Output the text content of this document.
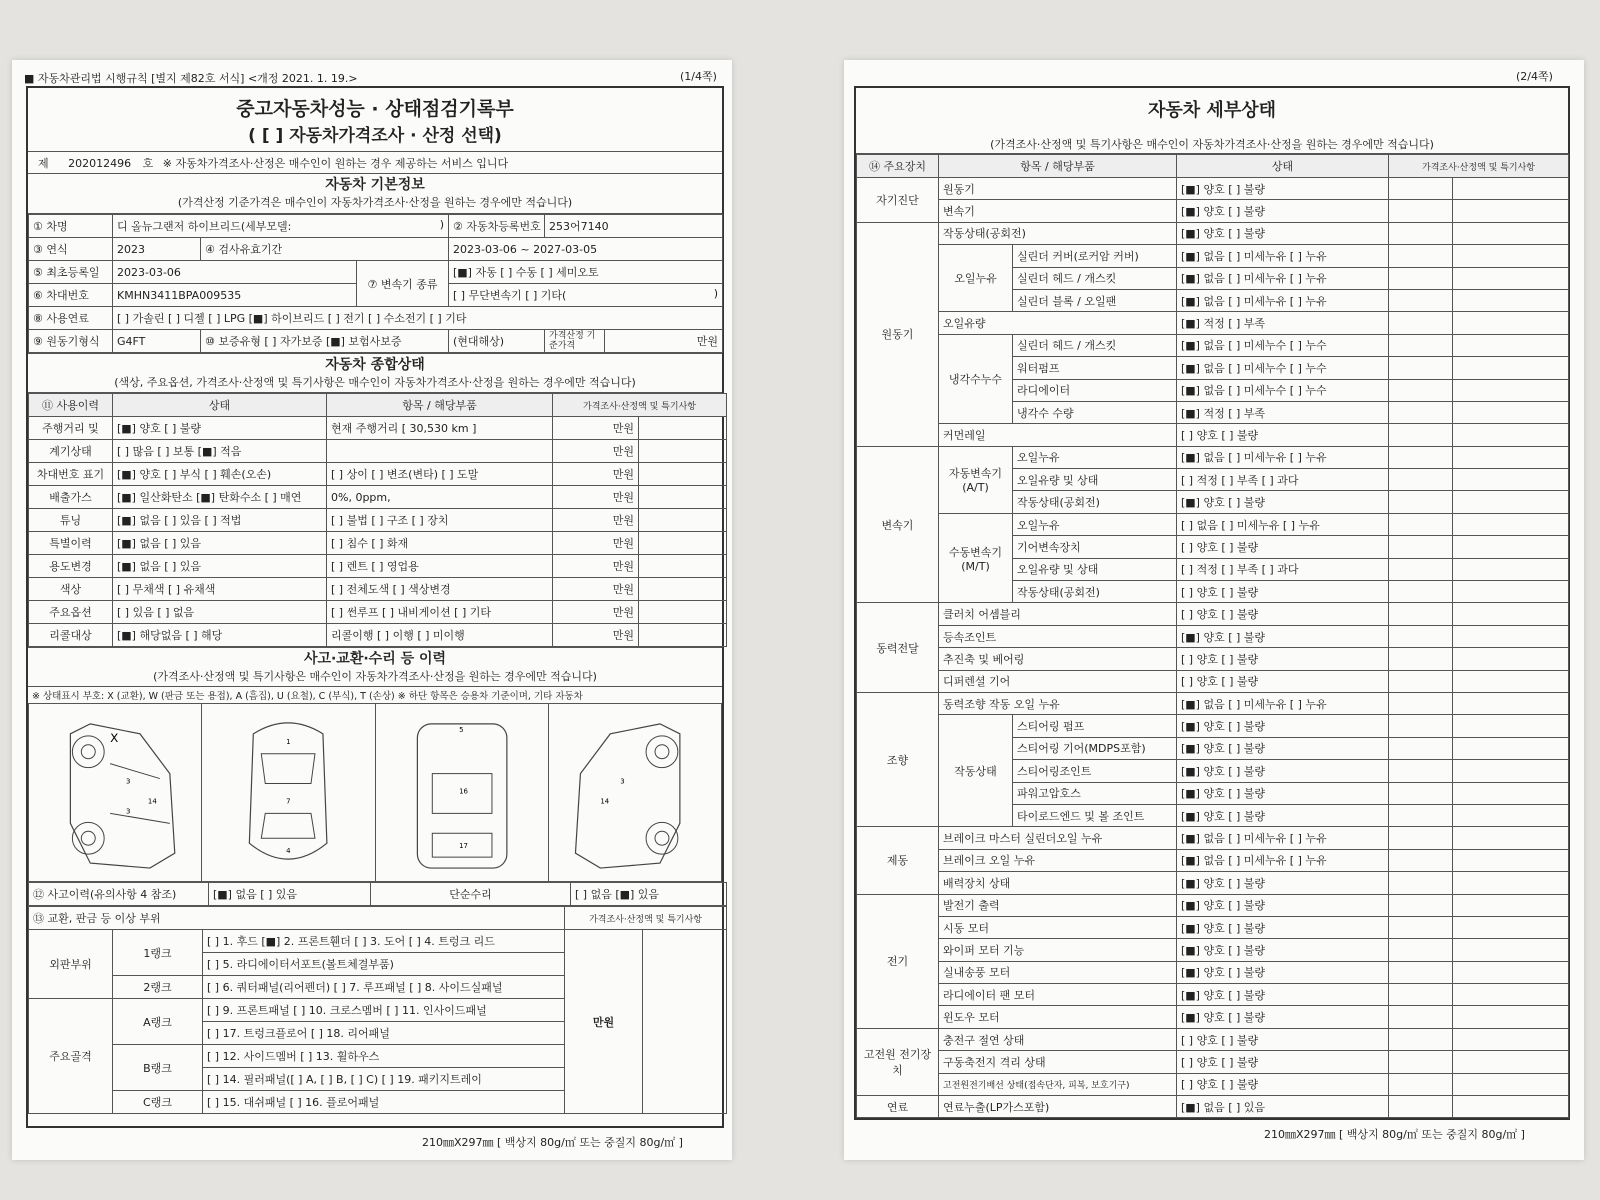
■ 자동차관리법 시행규칙 [별지 제82호 서식] <개정 2021. 1. 19.>	(1/4쪽)
중고자동차성능 · 상태점검기록부
( [ ] 자동차가격조사 · 산정 선택)
제 202012496 호 ※ 자동차가격조사·산정은 매수인이 원하는 경우 제공하는 서비스 입니다
자동차 기본정보
(가격산정 기준가격은 매수인이 자동차가격조사·산정을 원하는 경우에만 적습니다)
① 차명	디 올뉴그랜저 하이브리드(세부모델: )			② 자동차등록번호	253어7140	
③ 연식	2023	④ 검사유효기간		2023-03-06 ~ 2027-03-05		
⑤ 최초등록일	2023-03-06		⑦ 변속기 종류	[■] 자동 [ ] 수동 [ ] 세미오토		
⑥ 차대번호	KMHN3411BPA009535			[ ] 무단변속기 [ ] 기타( )		

⑧ 사용연료	[ ] 가솔린 [ ] 디젤 [ ] LPG [■] 하이브리드 [ ] 전기 [ ] 수소전기 [ ] 기타					
⑨ 원동기형식	G4FT	⑩ 보증유형 [ ] 자가보증 [■] 보험사보증		(현대해상)	가격산정 기준가격	만원
자동차 종합상태
(색상, 주요옵션, 가격조사·산정액 및 특기사항은 매수인이 자동차가격조사·산정을 원하는 경우에만 적습니다)
⑪ 사용이력	상태	항목 / 해당부품	가격조사·산정액 및 특기사항	
주행거리 및	[■] 양호 [ ] 불량	현재 주행거리 [ 30,530 km ]	만원	
계기상태	[ ] 많음 [ ] 보통 [■] 적음		만원	
차대번호 표기	[■] 양호 [ ] 부식 [ ] 훼손(오손)	[ ] 상이 [ ] 변조(변타) [ ] 도말	만원	
배출가스	[■] 일산화탄소 [■] 탄화수소 [ ] 매연	0%, 0ppm,	만원	
튜닝	[■] 없음 [ ] 있음 [ ] 적법	[ ] 불법 [ ] 구조 [ ] 장치	만원	
특별이력	[■] 없음 [ ] 있음	[ ] 침수 [ ] 화재	만원	
용도변경	[■] 없음 [ ] 있음	[ ] 렌트 [ ] 영업용	만원	
색상	[ ] 무채색 [ ] 유채색	[ ] 전체도색 [ ] 색상변경	만원	
주요옵션	[ ] 있음 [ ] 없음	[ ] 썬루프 [ ] 내비게이션 [ ] 기타	만원	
리콜대상	[■] 해당없음 [ ] 해당	리콜이행 [ ] 이행 [ ] 미이행	만원	
사고·교환·수리 등 이력
(가격조사·산정액 및 특기사항은 매수인이 자동차가격조사·산정을 원하는 경우에만 적습니다)
※ 상태표시 부호: X (교환), W (판금 또는 용접), A (흠집), U (요철), C (부식), T (손상) ※ 하단 항목은 승용차 기준이며, 기타 자동차
X
3
3
14
1
7
4
16
17
5
3
14
⑫ 사고이력(유의사항 4 참조)	[■] 없음 [ ] 있음	단순수리	[ ] 없음 [■] 있음
⑬ 교환, 판금 등 이상 부위			가격조사·산정액 및 특기사항	
외판부위	1랭크	[ ] 1. 후드 [■] 2. 프론트휀더 [ ] 3. 도어 [ ] 4. 트렁크 리드	만원	
		[ ] 5. 라디에이터서포트(볼트체결부품)		
	2랭크	[ ] 6. 쿼터패널(리어펜더) [ ] 7. 루프패널 [ ] 8. 사이드실패널		
주요골격	A랭크	[ ] 9. 프론트패널 [ ] 10. 크로스멤버 [ ] 11. 인사이드패널		
		[ ] 17. 트렁크플로어 [ ] 18. 리어패널		
	B랭크	[ ] 12. 사이드멤버 [ ] 13. 휠하우스		
		[ ] 14. 필러패널([ ] A, [ ] B, [ ] C) [ ] 19. 패키지트레이		
	C랭크	[ ] 15. 대쉬패널 [ ] 16. 플로어패널		
210㎜X297㎜ [ 백상지 80g/㎡ 또는 중질지 80g/㎡ ]
(2/4쪽)
자동차 세부상태
(가격조사·산정액 및 특기사항은 매수인이 자동차가격조사·산정을 원하는 경우에만 적습니다)
⑭ 주요장치	항목 / 해당부품		상태	가격조사·산정액 및 특기사항	
자기진단	원동기		[■] 양호 [ ] 불량		
	변속기		[■] 양호 [ ] 불량		
원동기	작동상태(공회전)		[■] 양호 [ ] 불량		
	오일누유	실린더 커버(로커암 커버)	[■] 없음 [ ] 미세누유 [ ] 누유		
		실린더 헤드 / 개스킷	[■] 없음 [ ] 미세누유 [ ] 누유		
		실린더 블록 / 오일팬	[■] 없음 [ ] 미세누유 [ ] 누유		
	오일유량		[■] 적정 [ ] 부족		
	냉각수누수	실린더 헤드 / 개스킷	[■] 없음 [ ] 미세누수 [ ] 누수		
		워터펌프	[■] 없음 [ ] 미세누수 [ ] 누수		
		라디에이터	[■] 없음 [ ] 미세누수 [ ] 누수		
		냉각수 수량	[■] 적정 [ ] 부족		
	커먼레일		[ ] 양호 [ ] 불량		
변속기	자동변속기 (A/T)	오일누유	[■] 없음 [ ] 미세누유 [ ] 누유		
		오일유량 및 상태	[ ] 적정 [ ] 부족 [ ] 과다		
		작동상태(공회전)	[■] 양호 [ ] 불량		
	수동변속기 (M/T)	오일누유	[ ] 없음 [ ] 미세누유 [ ] 누유		
		기어변속장치	[ ] 양호 [ ] 불량		
		오일유량 및 상태	[ ] 적정 [ ] 부족 [ ] 과다		
		작동상태(공회전)	[ ] 양호 [ ] 불량		
동력전달	클러치 어셈블리		[ ] 양호 [ ] 불량		
	등속조인트		[■] 양호 [ ] 불량		
	추진축 및 베어링		[ ] 양호 [ ] 불량		
	디퍼렌셜 기어		[ ] 양호 [ ] 불량		
조향	동력조향 작동 오일 누유		[■] 없음 [ ] 미세누유 [ ] 누유		
	작동상태	스티어링 펌프	[■] 양호 [ ] 불량		
		스티어링 기어(MDPS포함)	[■] 양호 [ ] 불량		
		스티어링조인트	[■] 양호 [ ] 불량		
		파워고압호스	[■] 양호 [ ] 불량		
		타이로드엔드 및 볼 조인트	[■] 양호 [ ] 불량		
제동	브레이크 마스터 실린더오일 누유		[■] 없음 [ ] 미세누유 [ ] 누유		
	브레이크 오일 누유		[■] 없음 [ ] 미세누유 [ ] 누유		
	배력장치 상태		[■] 양호 [ ] 불량		
전기	발전기 출력		[■] 양호 [ ] 불량		
	시동 모터		[■] 양호 [ ] 불량		
	와이퍼 모터 기능		[■] 양호 [ ] 불량		
	실내송풍 모터		[■] 양호 [ ] 불량		
	라디에이터 팬 모터		[■] 양호 [ ] 불량		
	윈도우 모터		[■] 양호 [ ] 불량		
고전원 전기장치	충전구 절연 상태		[ ] 양호 [ ] 불량		
	구동축전지 격리 상태		[ ] 양호 [ ] 불량		
	고전원전기배선 상태(접속단자, 피복, 보호기구)		[ ] 양호 [ ] 불량		
연료	연료누출(LP가스포함)		[■] 없음 [ ] 있음		
210㎜X297㎜ [ 백상지 80g/㎡ 또는 중질지 80g/㎡ ]
